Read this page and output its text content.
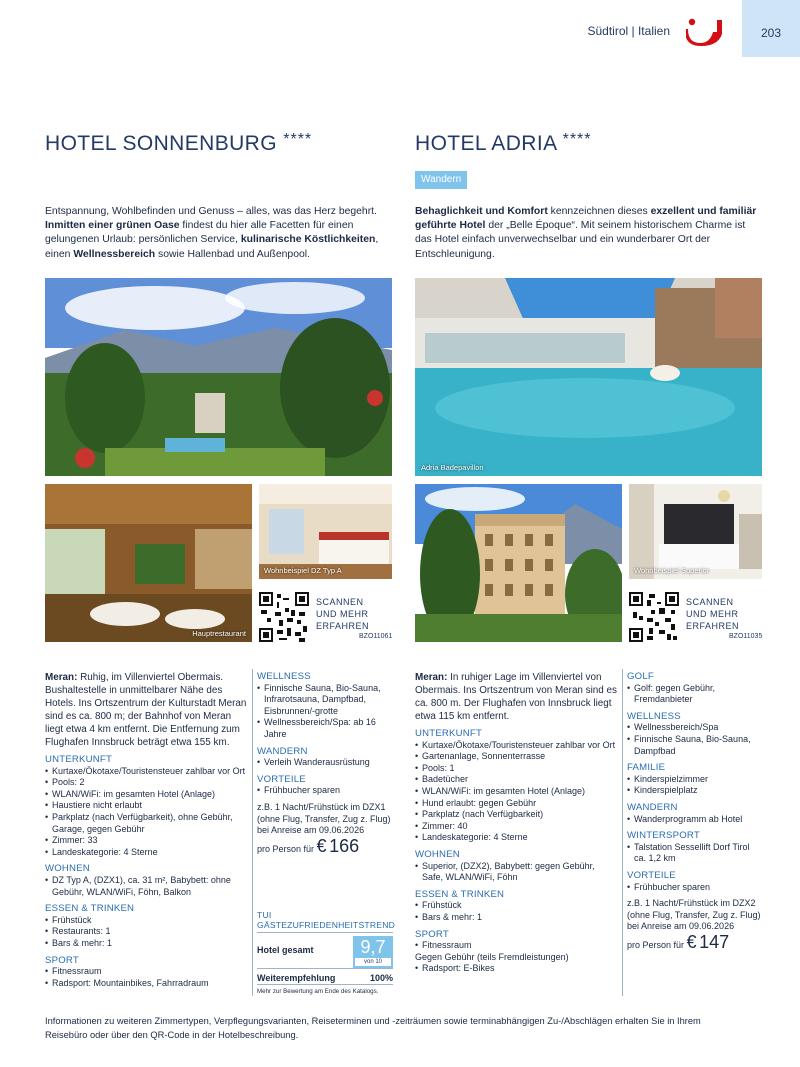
Südtirol | Italien	203
HOTEL SONNENBURG ****	HOTEL ADRIA ****
Wandern
Entspannung, Wohlbefinden und Genuss – alles, was das Herz begehrt. Inmitten einer grünen Oase findest du hier alle Facetten für einen gelungenen Urlaub: persönlichen Service, kulinarische Köstlichkeiten, einen Wellnessbereich sowie Hallenbad und Außenpool.
Behaglichkeit und Komfort kennzeichnen dieses exzellent und familiär geführte Hotel der „Belle Époque“. Mit seinem historischem Charme ist das Hotel einfach unverwechselbar und ein wunderbarer Ort der Entschleunigung.
Hauptrestaurant
Wohnbeispiel DZ Typ A
SCANNEN
UND MEHR
ERFAHREN
BZO11061
Adria Badepavillon
Wohnbeispiel Superior
SCANNEN
UND MEHR
ERFAHREN
BZO11035

Meran: Ruhig, im Villenviertel Obermais. Bushaltestelle in unmittelbarer Nähe des Hotels. Ins Ortszentrum der Kulturstadt Meran sind es ca. 800 m; der Bahnhof von Meran liegt etwa 4 km entfernt. Die Entfernung zum Flughafen Innsbruck beträgt etwa 155 km.

UNTERKUNFT
• Kurtaxe/Ökotaxe/Touristensteuer zahlbar vor Ort
• Pools: 2
• WLAN/WiFi: im gesamten Hotel (Anlage)
• Haustiere nicht erlaubt
• Parkplatz (nach Verfügbarkeit), ohne Gebühr, Garage, gegen Gebühr
• Zimmer: 33
• Landeskategorie: 4 Sterne
WOHNEN
• DZ Typ A, (DZX1), ca. 31 m², Babybett: ohne Gebühr, WLAN/WiFi, Föhn, Balkon
ESSEN & TRINKEN
• Frühstück
• Restaurants: 1
• Bars & mehr: 1
SPORT
• Fitnessraum
• Radsport: Mountainbikes, Fahrradraum
WELLNESS
• Finnische Sauna, Bio-Sauna, Infrarotsauna, Dampfbad, Eisbrunnen/-grotte
• Wellnessbereich/Spa: ab 16 Jahre
WANDERN
• Verleih Wanderausrüstung
VORTEILE
• Frühbucher sparen
z.B. 1 Nacht/Frühstück im DZX1 (ohne Flug, Transfer, Zug z. Flug) bei Anreise am 09.06.2026
pro Person für € 166
TUI GÄSTEZUFRIEDENHEITSTREND
Hotel gesamt	9,7
von 10
Weiterempfehlung	100%
Mehr zur Bewertung am Ende des Katalogs.

Meran: In ruhiger Lage im Villenviertel von Obermais. Ins Ortszentrum von Meran sind es ca. 800 m. Der Flughafen von Innsbruck liegt etwa 115 km entfernt.

UNTERKUNFT
• Kurtaxe/Ökotaxe/Touristensteuer zahlbar vor Ort
• Gartenanlage, Sonnenterrasse
• Pools: 1
• Badetücher
• WLAN/WiFi: im gesamten Hotel (Anlage)
• Hund erlaubt: gegen Gebühr
• Parkplatz (nach Verfügbarkeit)
• Zimmer: 40
• Landeskategorie: 4 Sterne
WOHNEN
• Superior, (DZX2), Babybett: gegen Gebühr, Safe, WLAN/WiFi, Föhn
ESSEN & TRINKEN
• Frühstück
• Bars & mehr: 1
SPORT
• Fitnessraum

Gegen Gebühr (teils Fremdleistungen)

• Radsport: E-Bikes
GOLF
• Golf: gegen Gebühr, Fremdanbieter
WELLNESS
• Wellnessbereich/Spa
• Finnische Sauna, Bio-Sauna, Dampfbad
FAMILIE
• Kinderspielzimmer
• Kinderspielplatz
WANDERN
• Wanderprogramm ab Hotel
WINTERSPORT
• Talstation Sessellift Dorf Tirol ca. 1,2 km
VORTEILE
• Frühbucher sparen
z.B. 1 Nacht/Frühstück im DZX2 (ohne Flug, Transfer, Zug z. Flug) bei Anreise am 09.06.2026
pro Person für € 147
Informationen zu weiteren Zimmertypen, Verpflegungsvarianten, Reiseterminen und -zeiträumen sowie terminabhängigen Zu-/Abschlägen erhalten Sie in Ihrem Reisebüro oder über den QR-Code in der Hotelbeschreibung.
